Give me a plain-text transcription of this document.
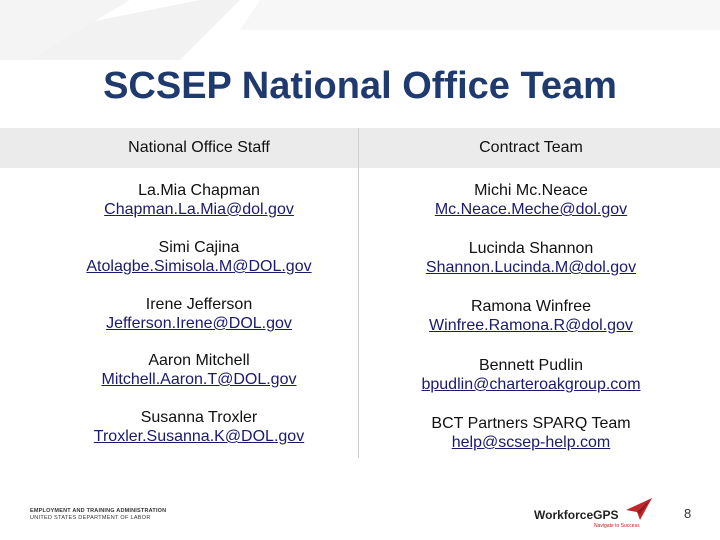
SCSEP National Office Team
National Office Staff	Contract Team
La.Mia Chapman
Chapman.La.Mia@dol.gov
Simi Cajina
Atolagbe.Simisola.M@DOL.gov
Irene Jefferson
Jefferson.Irene@DOL.gov
Aaron Mitchell
Mitchell.Aaron.T@DOL.gov
Susanna Troxler
Troxler.Susanna.K@DOL.gov
Michi Mc.Neace
Mc.Neace.Meche@dol.gov
Lucinda Shannon
Shannon.Lucinda.M@dol.gov
Ramona Winfree
Winfree.Ramona.R@dol.gov
Bennett Pudlin
bpudlin@charteroakgroup.com
BCT Partners SPARQ Team
help@scsep-help.com
EMPLOYMENT AND TRAINING ADMINISTRATION
UNITED STATES DEPARTMENT OF LABOR	WorkforceGPS
Navigate to Success
8
